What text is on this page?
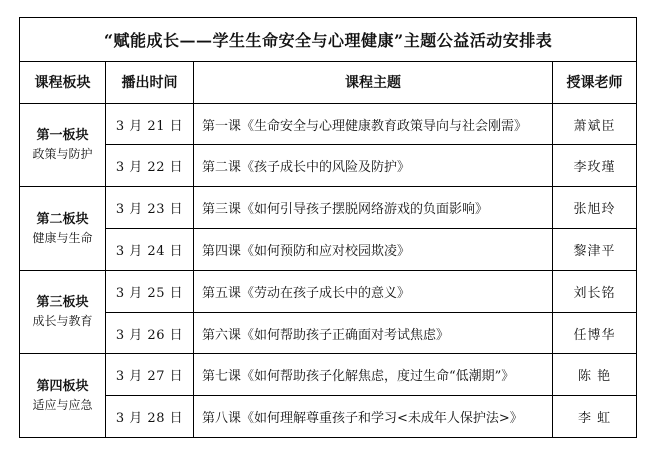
“赋能成长——学生生命安全与心理健康”主题公益活动安排表			
课程板块	播出时间	课程主题	授课老师

第一板块
政策与防护	3 月 21 日	第一课《生命安全与心理健康教育政策导向与社会刚需》	萧斌臣
	3 月 22 日	第二课《孩子成长中的风险及防护》	李玫瑾

第二板块
健康与生命	3 月 23 日	第三课《如何引导孩子摆脱网络游戏的负面影响》	张旭玲
	3 月 24 日	第四课《如何预防和应对校园欺凌》	黎津平

第三板块
成长与教育	3 月 25 日	第五课《劳动在孩子成长中的意义》	刘长铭
	3 月 26 日	第六课《如何帮助孩子正确面对考试焦虑》	任博华

第四板块
适应与应急	3 月 27 日	第七课《如何帮助孩子化解焦虑，度过生命“低潮期”》	陈 艳
	3 月 28 日	第八课《如何理解尊重孩子和学习<未成年人保护法>》	李 虹
